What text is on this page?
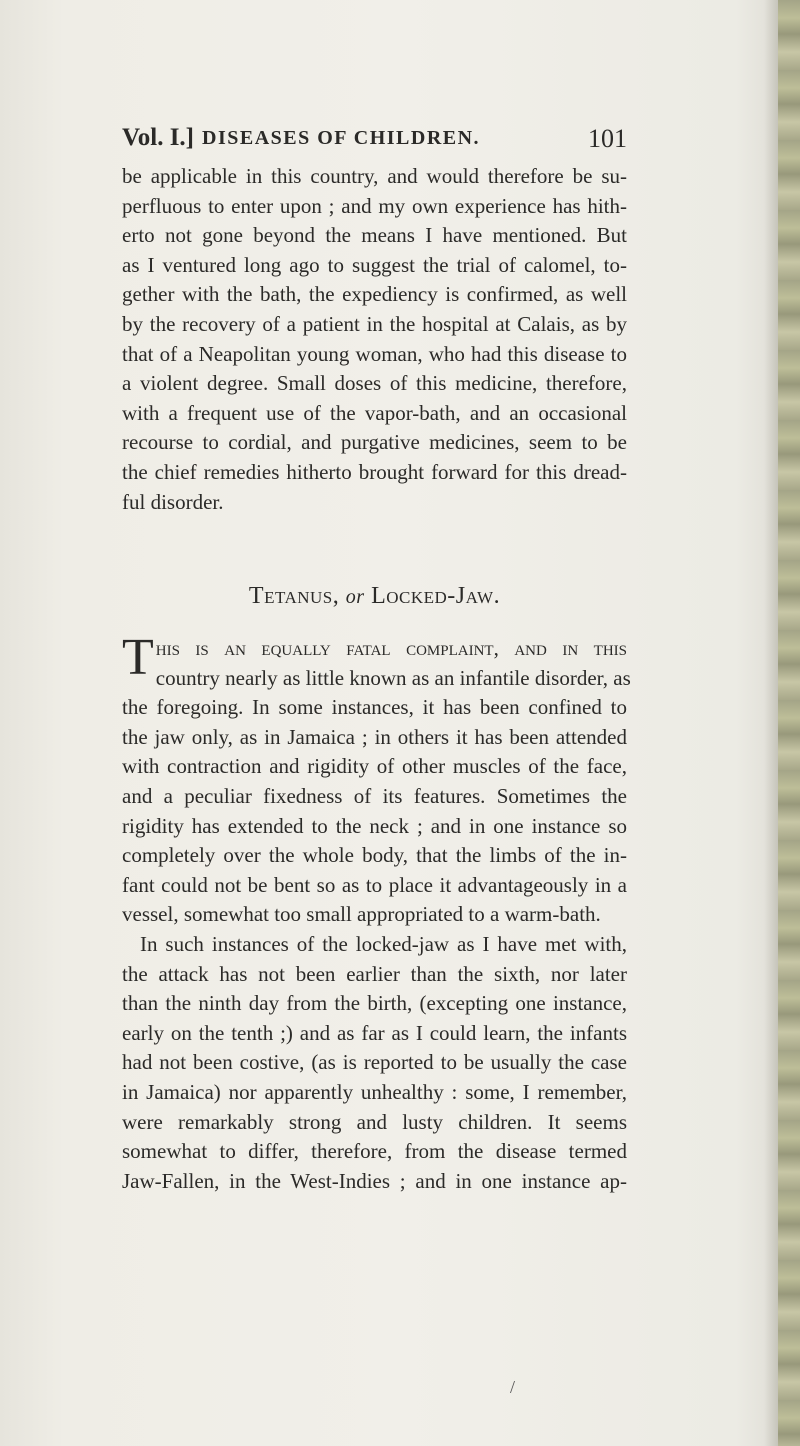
Vol. I.] DISEASES OF CHILDREN.	101
be applicable in this country, and would therefore be su-
perfluous to enter upon ; and my own experience has hith-
erto not gone beyond the means I have mentioned. But
as I ventured long ago to suggest the trial of calomel, to-
gether with the bath, the expediency is confirmed, as well
by the recovery of a patient in the hospital at Calais, as by
that of a Neapolitan young woman, who had this disease to
a violent degree. Small doses of this medicine, therefore,
with a frequent use of the vapor-bath, and an occasional
recourse to cordial, and purgative medicines, seem to be
the chief remedies hitherto brought forward for this dread-
ful disorder.
Tetanus, or Locked-Jaw.
T his is an equally fatal complaint, and in this
country nearly as little known as an infantile disorder, as
the foregoing. In some instances, it has been confined to
the jaw only, as in Jamaica ; in others it has been attended
with contraction and rigidity of other muscles of the face,
and a peculiar fixedness of its features. Sometimes the
rigidity has extended to the neck ; and in one instance so
completely over the whole body, that the limbs of the in-
fant could not be bent so as to place it advantageously in a
vessel, somewhat too small appropriated to a warm-bath.
In such instances of the locked-jaw as I have met with,
the attack has not been earlier than the sixth, nor later
than the ninth day from the birth, (excepting one instance,
early on the tenth ;) and as far as I could learn, the infants
had not been costive, (as is reported to be usually the case
in Jamaica) nor apparently unhealthy : some, I remember,
were remarkably strong and lusty children. It seems
somewhat to differ, therefore, from the disease termed
Jaw-Fallen, in the West-Indies ; and in one instance ap-
/
